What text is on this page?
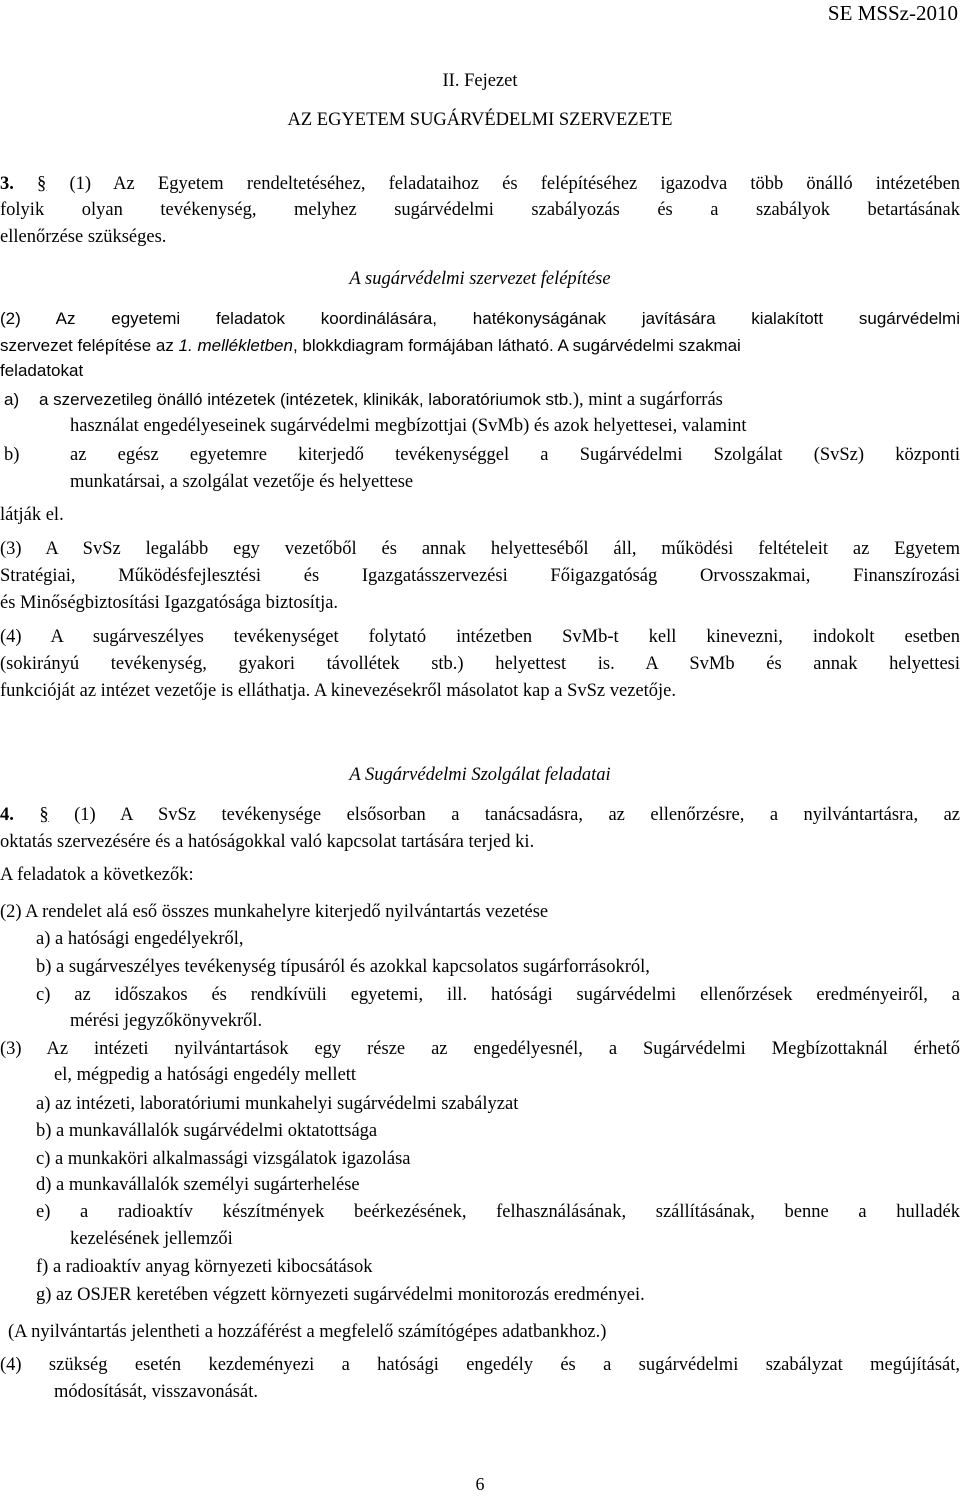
SE MSSz-2010
II. Fejezet
AZ EGYETEM SUGÁRVÉDELMI SZERVEZETE
3. § (1) Az Egyetem rendeltetéséhez, feladataihoz és felépítéséhez igazodva több önálló intézetében
folyik olyan tevékenység, melyhez sugárvédelmi szabályozás és a szabályok betartásának
ellenőrzése szükséges.
A sugárvédelmi szervezet felépítése
(2) Az egyetemi feladatok koordinálására, hatékonyságának javítására kialakított sugárvédelmi
szervezet felépítése az 1. mellékletben, blokkdiagram formájában látható. A sugárvédelmi szakmai
feladatokat
a) a szervezetileg önálló intézetek (intézetek, klinikák, laboratóriumok stb.), mint a sugárforrás
használat engedélyeseinek sugárvédelmi megbízottjai (SvMb) és azok helyettesei, valamint
b)	az egész egyetemre kiterjedő tevékenységgel a Sugárvédelmi Szolgálat (SvSz) központi
munkatársai, a szolgálat vezetője és helyettese
látják el.
(3) A SvSz legalább egy vezetőből és annak helyetteséből áll, működési feltételeit az Egyetem
Stratégiai, Működésfejlesztési és Igazgatásszervezési Főigazgatóság Orvosszakmai, Finanszírozási
és Minőségbiztosítási Igazgatósága biztosítja.
(4) A sugárveszélyes tevékenységet folytató intézetben SvMb-t kell kinevezni, indokolt esetben
(sokirányú tevékenység, gyakori távollétek stb.) helyettest is. A SvMb és annak helyettesi
funkcióját az intézet vezetője is elláthatja. A kinevezésekről másolatot kap a SvSz vezetője.
A Sugárvédelmi Szolgálat feladatai
4. § (1) A SvSz tevékenysége elsősorban a tanácsadásra, az ellenőrzésre, a nyilvántartásra, az
oktatás szervezésére és a hatóságokkal való kapcsolat tartására terjed ki.
A feladatok a következők:
(2) A rendelet alá eső összes munkahelyre kiterjedő nyilvántartás vezetése
a) a hatósági engedélyekről,
b) a sugárveszélyes tevékenység típusáról és azokkal kapcsolatos sugárforrásokról,
c) az időszakos és rendkívüli egyetemi, ill. hatósági sugárvédelmi ellenőrzések eredményeiről, a
mérési jegyzőkönyvekről.
(3) Az intézeti nyilvántartások egy része az engedélyesnél, a Sugárvédelmi Megbízottaknál érhető
el, mégpedig a hatósági engedély mellett
a) az intézeti, laboratóriumi munkahelyi sugárvédelmi szabályzat
b) a munkavállalók sugárvédelmi oktatottsága
c) a munkaköri alkalmassági vizsgálatok igazolása
d) a munkavállalók személyi sugárterhelése
e) a radioaktív készítmények beérkezésének, felhasználásának, szállításának, benne a hulladék
kezelésének jellemzői
f) a radioaktív anyag környezeti kibocsátások
g) az OSJER keretében végzett környezeti sugárvédelmi monitorozás eredményei.
(A nyilvántartás jelentheti a hozzáférést a megfelelő számítógépes adatbankhoz.)
(4) szükség esetén kezdeményezi a hatósági engedély és a sugárvédelmi szabályzat megújítását,
módosítását, visszavonását.
6
